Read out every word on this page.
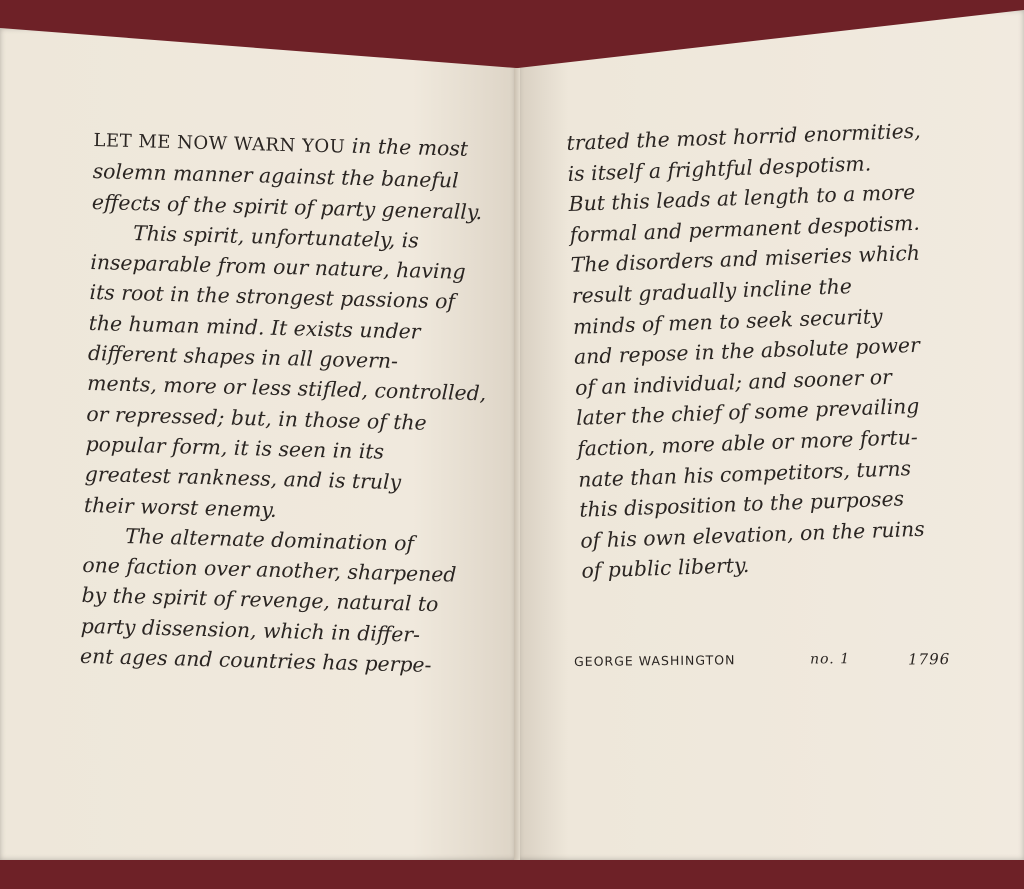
LET ME NOW WARN YOU in the most
solemn manner against the baneful
effects of the spirit of party generally.
This spirit, unfortunately, is
inseparable from our nature, having
its root in the strongest passions of
the human mind. It exists under
different shapes in all govern-
ments, more or less stifled, controlled,
or repressed; but, in those of the
popular form, it is seen in its
greatest rankness, and is truly
their worst enemy.
The alternate domination of
one faction over another, sharpened
by the spirit of revenge, natural to
party dissension, which in differ-
ent ages and countries has perpe-
trated the most horrid enormities,
is itself a frightful despotism.
But this leads at length to a more
formal and permanent despotism.
The disorders and miseries which
result gradually incline the
minds of men to seek security
and repose in the absolute power
of an individual; and sooner or
later the chief of some prevailing
faction, more able or more fortu-
nate than his competitors, turns
this disposition to the purposes
of his own elevation, on the ruins
of public liberty.
GEORGE WASHINGTON	no. 1	1796
